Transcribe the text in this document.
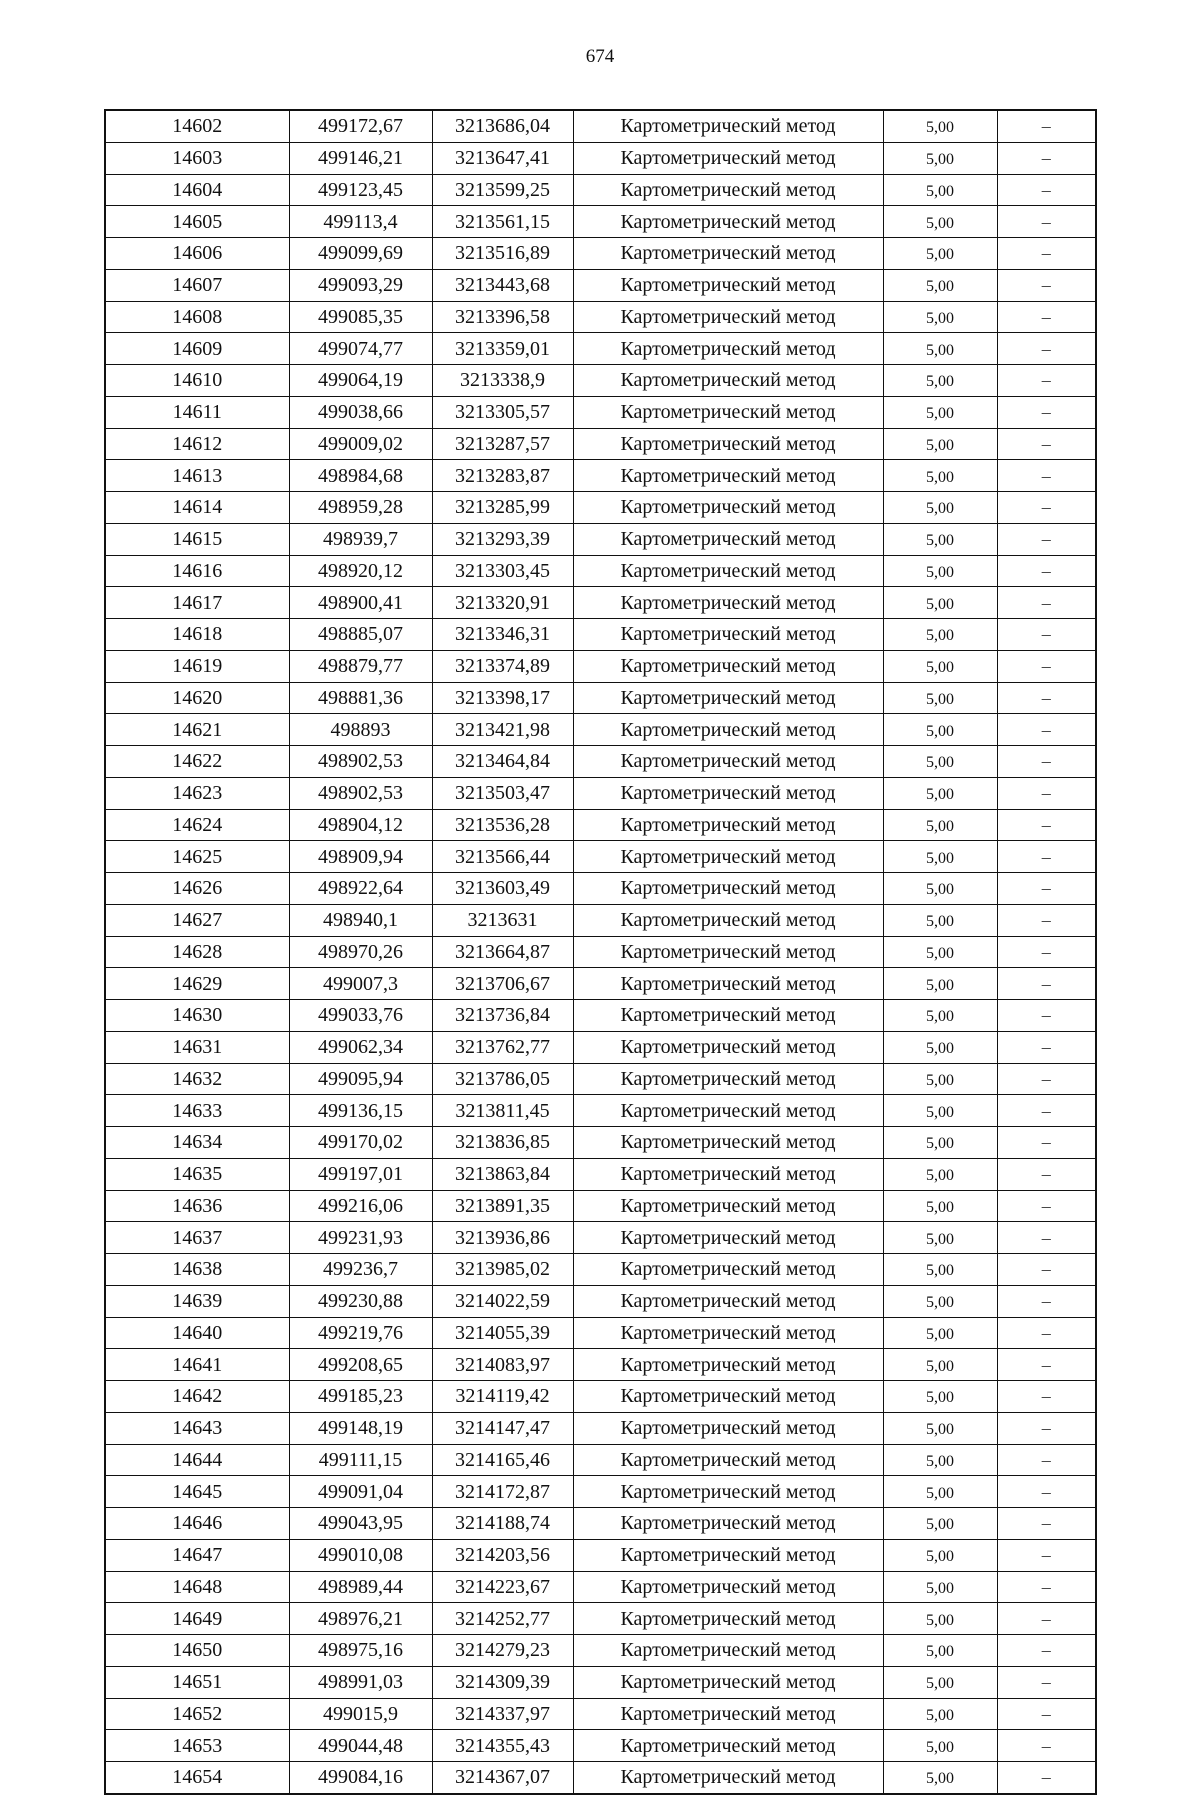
674
14602	499172,67	3213686,04	Картометрический метод	5,00	–
14603	499146,21	3213647,41	Картометрический метод	5,00	–
14604	499123,45	3213599,25	Картометрический метод	5,00	–
14605	499113,4	3213561,15	Картометрический метод	5,00	–
14606	499099,69	3213516,89	Картометрический метод	5,00	–
14607	499093,29	3213443,68	Картометрический метод	5,00	–
14608	499085,35	3213396,58	Картометрический метод	5,00	–
14609	499074,77	3213359,01	Картометрический метод	5,00	–
14610	499064,19	3213338,9	Картометрический метод	5,00	–
14611	499038,66	3213305,57	Картометрический метод	5,00	–
14612	499009,02	3213287,57	Картометрический метод	5,00	–
14613	498984,68	3213283,87	Картометрический метод	5,00	–
14614	498959,28	3213285,99	Картометрический метод	5,00	–
14615	498939,7	3213293,39	Картометрический метод	5,00	–
14616	498920,12	3213303,45	Картометрический метод	5,00	–
14617	498900,41	3213320,91	Картометрический метод	5,00	–
14618	498885,07	3213346,31	Картометрический метод	5,00	–
14619	498879,77	3213374,89	Картометрический метод	5,00	–
14620	498881,36	3213398,17	Картометрический метод	5,00	–
14621	498893	3213421,98	Картометрический метод	5,00	–
14622	498902,53	3213464,84	Картометрический метод	5,00	–
14623	498902,53	3213503,47	Картометрический метод	5,00	–
14624	498904,12	3213536,28	Картометрический метод	5,00	–
14625	498909,94	3213566,44	Картометрический метод	5,00	–
14626	498922,64	3213603,49	Картометрический метод	5,00	–
14627	498940,1	3213631	Картометрический метод	5,00	–
14628	498970,26	3213664,87	Картометрический метод	5,00	–
14629	499007,3	3213706,67	Картометрический метод	5,00	–
14630	499033,76	3213736,84	Картометрический метод	5,00	–
14631	499062,34	3213762,77	Картометрический метод	5,00	–
14632	499095,94	3213786,05	Картометрический метод	5,00	–
14633	499136,15	3213811,45	Картометрический метод	5,00	–
14634	499170,02	3213836,85	Картометрический метод	5,00	–
14635	499197,01	3213863,84	Картометрический метод	5,00	–
14636	499216,06	3213891,35	Картометрический метод	5,00	–
14637	499231,93	3213936,86	Картометрический метод	5,00	–
14638	499236,7	3213985,02	Картометрический метод	5,00	–
14639	499230,88	3214022,59	Картометрический метод	5,00	–
14640	499219,76	3214055,39	Картометрический метод	5,00	–
14641	499208,65	3214083,97	Картометрический метод	5,00	–
14642	499185,23	3214119,42	Картометрический метод	5,00	–
14643	499148,19	3214147,47	Картометрический метод	5,00	–
14644	499111,15	3214165,46	Картометрический метод	5,00	–
14645	499091,04	3214172,87	Картометрический метод	5,00	–
14646	499043,95	3214188,74	Картометрический метод	5,00	–
14647	499010,08	3214203,56	Картометрический метод	5,00	–
14648	498989,44	3214223,67	Картометрический метод	5,00	–
14649	498976,21	3214252,77	Картометрический метод	5,00	–
14650	498975,16	3214279,23	Картометрический метод	5,00	–
14651	498991,03	3214309,39	Картометрический метод	5,00	–
14652	499015,9	3214337,97	Картометрический метод	5,00	–
14653	499044,48	3214355,43	Картометрический метод	5,00	–
14654	499084,16	3214367,07	Картометрический метод	5,00	–
